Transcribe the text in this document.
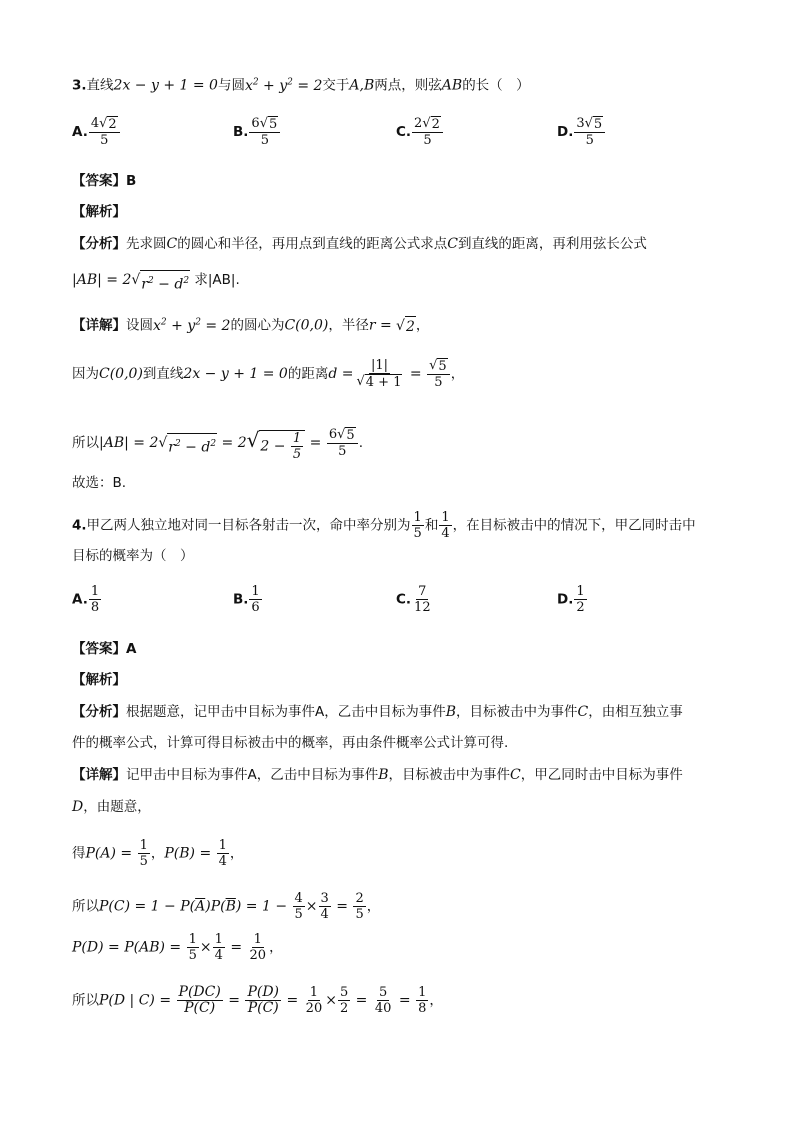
3.直线2x − y + 1 = 0与圆$x^2 + y^2 = 2$交于A,B两点，则弦AB的长（　）
A. $\frac{4 √ 2}{5}$	B. $\frac{6 √ 5}{5}$	C. $\frac{2 √ 2}{5}$	D. $\frac{3 √ 5}{5}$
【答案】B
【解析】
【分析】先求圆C的圆心和半径，再用点到直线的距离公式求点C到直线的距离，再利用弦长公式
|AB| = 2 √ $r^2 - d^2$ 求|AB|.
【详解】设圆$x^2 + y^2 = 2$的圆心为C(0,0)，半径r = √ 2 ，
因为C(0,0)到直线2x − y + 1 = 0的距离$d = \frac{|1|}{√ 4 + 1} = \frac{√ 5}{5}$ ，
所以|AB| = 2 √ $r^2 - d^2 = 2$ √ $2 - \frac{1}{5} = \frac{6 √ 5}{5}$ .
故选：B.
4.甲乙两人独立地对同一目标各射击一次，命中率分别为 $\frac{1}{5}$ 和 $\frac{1}{4}$ ，在目标被击中的情况下，甲乙同时击中
目标的概率为（　）
A. $\frac{1}{8}$	B. $\frac{1}{6}$	C. $\frac{7}{12}$	D. $\frac{1}{2}$
【答案】A
【解析】
【分析】根据题意，记甲击中目标为事件A，乙击中目标为事件B，目标被击中为事件C，由相互独立事
件的概率公式，计算可得目标被击中的概率，再由条件概率公式计算可得.
【详解】记甲击中目标为事件A，乙击中目标为事件B，目标被击中为事件C，甲乙同时击中目标为事件
D，由题意，
得$P(A) = \frac{1}{5}$ ，$P(B) = \frac{1}{4}$ ，
所以$P(C) = 1 - P(\overline{A})P(\overline{B}) = 1 - \frac{4}{5} \times \frac{3}{4} = \frac{2}{5}$ ，
$P(D) = P(AB) = \frac{1}{5} \times \frac{1}{4} = \frac{1}{20}$ ，
所以P(D | $C) = \frac{P(DC)}{P(C)} = \frac{P(D)}{P(C)} = \frac{1}{20} \times \frac{5}{2} = \frac{5}{40} = \frac{1}{8}$ ，
